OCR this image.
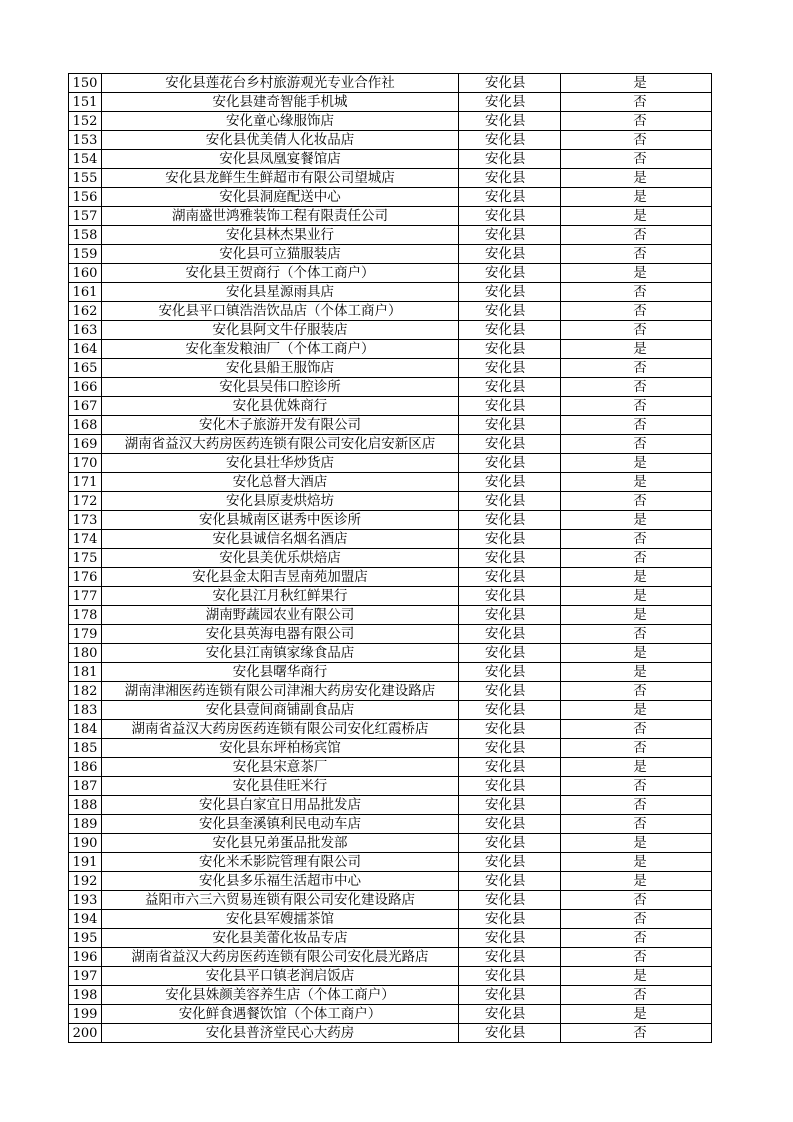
150	安化县莲花台乡村旅游观光专业合作社	安化县	是
151	安化县建奇智能手机城	安化县	否
152	安化童心缘服饰店	安化县	否
153	安化县优美倩人化妆品店	安化县	否
154	安化县凤凰宴餐馆店	安化县	否
155	安化县龙鲜生生鲜超市有限公司望城店	安化县	是
156	安化县洞庭配送中心	安化县	是
157	湖南盛世鸿雅装饰工程有限责任公司	安化县	是
158	安化县林杰果业行	安化县	否
159	安化县可立猫服装店	安化县	否
160	安化县王贺商行（个体工商户）	安化县	是
161	安化县星源雨具店	安化县	否
162	安化县平口镇浩浩饮品店（个体工商户）	安化县	否
163	安化县阿文牛仔服装店	安化县	否
164	安化奎发粮油厂（个体工商户）	安化县	是
165	安化县船王服饰店	安化县	否
166	安化县吴伟口腔诊所	安化县	否
167	安化县优姝商行	安化县	否
168	安化木子旅游开发有限公司	安化县	否
169	湖南省益汉大药房医药连锁有限公司安化启安新区店	安化县	否
170	安化县壮华炒货店	安化县	是
171	安化总督大酒店	安化县	是
172	安化县原麦烘焙坊	安化县	否
173	安化县城南区谌秀中医诊所	安化县	是
174	安化县诚信名烟名酒店	安化县	否
175	安化县美优乐烘焙店	安化县	否
176	安化县金太阳吉昱南苑加盟店	安化县	是
177	安化县江月秋红鲜果行	安化县	是
178	湖南野蔬园农业有限公司	安化县	是
179	安化县英海电器有限公司	安化县	否
180	安化县江南镇家缘食品店	安化县	是
181	安化县曙华商行	安化县	是
182	湖南津湘医药连锁有限公司津湘大药房安化建设路店	安化县	否
183	安化县壹间商铺副食品店	安化县	是
184	湖南省益汉大药房医药连锁有限公司安化红霞桥店	安化县	否
185	安化县东坪柏杨宾馆	安化县	否
186	安化县宋意茶厂	安化县	是
187	安化县佳旺米行	安化县	否
188	安化县白家宜日用品批发店	安化县	否
189	安化县奎溪镇利民电动车店	安化县	否
190	安化县兄弟蛋品批发部	安化县	是
191	安化米禾影院管理有限公司	安化县	是
192	安化县多乐福生活超市中心	安化县	是
193	益阳市六三六贸易连锁有限公司安化建设路店	安化县	否
194	安化县军嫂擂茶馆	安化县	否
195	安化县美蕾化妆品专店	安化县	否
196	湖南省益汉大药房医药连锁有限公司安化晨光路店	安化县	否
197	安化县平口镇老润启饭店	安化县	是
198	安化县姝颜美容养生店（个体工商户）	安化县	否
199	安化鲜食遇餐饮馆（个体工商户）	安化县	是
200	安化县普济堂民心大药房	安化县	否
